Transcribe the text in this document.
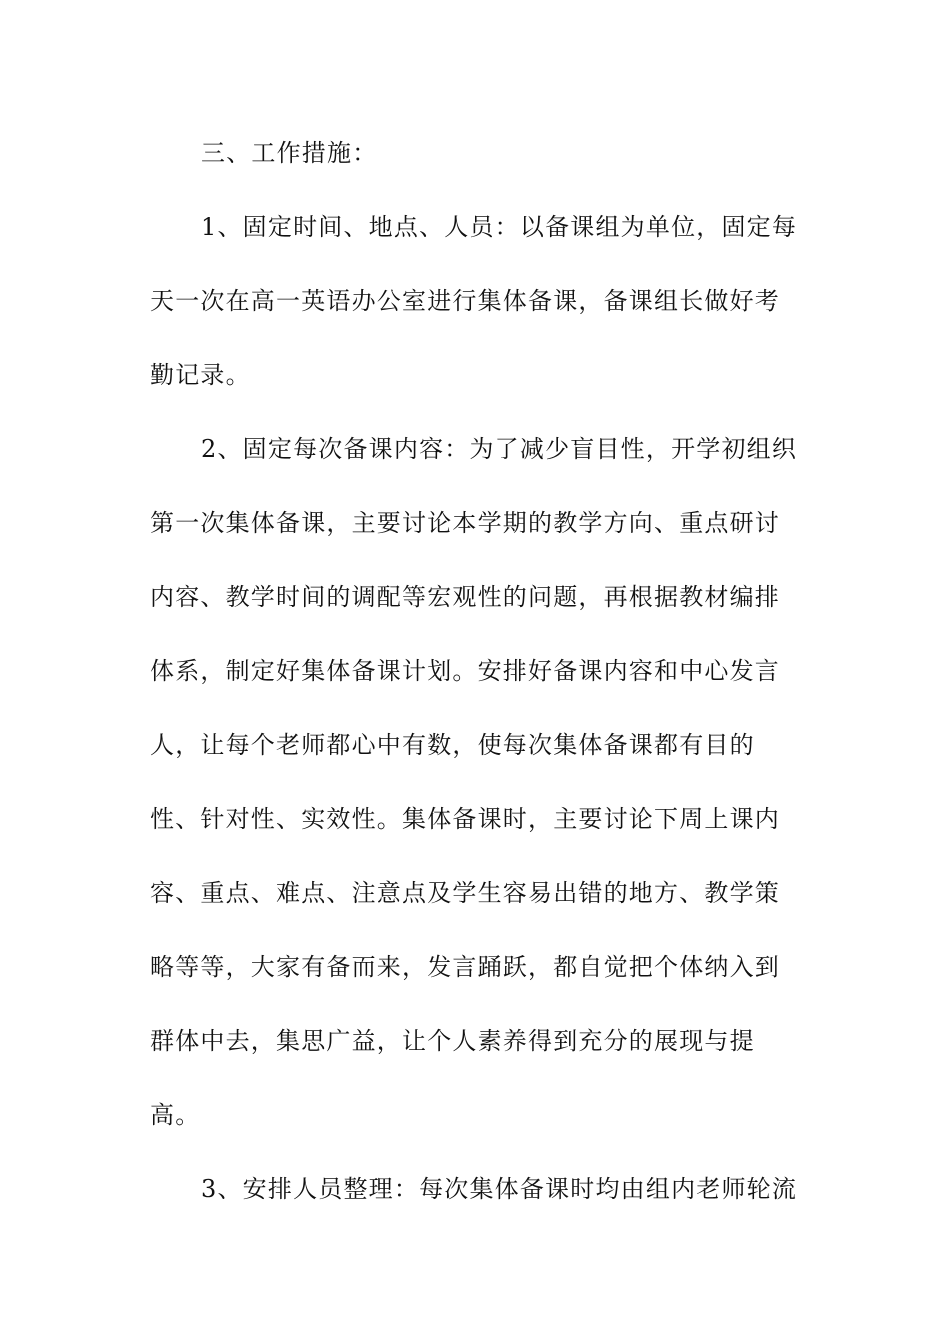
三、工作措施：
1、固定时间、地点、人员：以备课组为单位，固定每
天一次在高一英语办公室进行集体备课，备课组长做好考
勤记录。
2、固定每次备课内容：为了减少盲目性，开学初组织
第一次集体备课，主要讨论本学期的教学方向、重点研讨
内容、教学时间的调配等宏观性的问题，再根据教材编排
体系，制定好集体备课计划。安排好备课内容和中心发言
人，让每个老师都心中有数，使每次集体备课都有目的
性、针对性、实效性。集体备课时，主要讨论下周上课内
容、重点、难点、注意点及学生容易出错的地方、教学策
略等等，大家有备而来，发言踊跃，都自觉把个体纳入到
群体中去，集思广益，让个人素养得到充分的展现与提
高。
3、安排人员整理：每次集体备课时均由组内老师轮流
